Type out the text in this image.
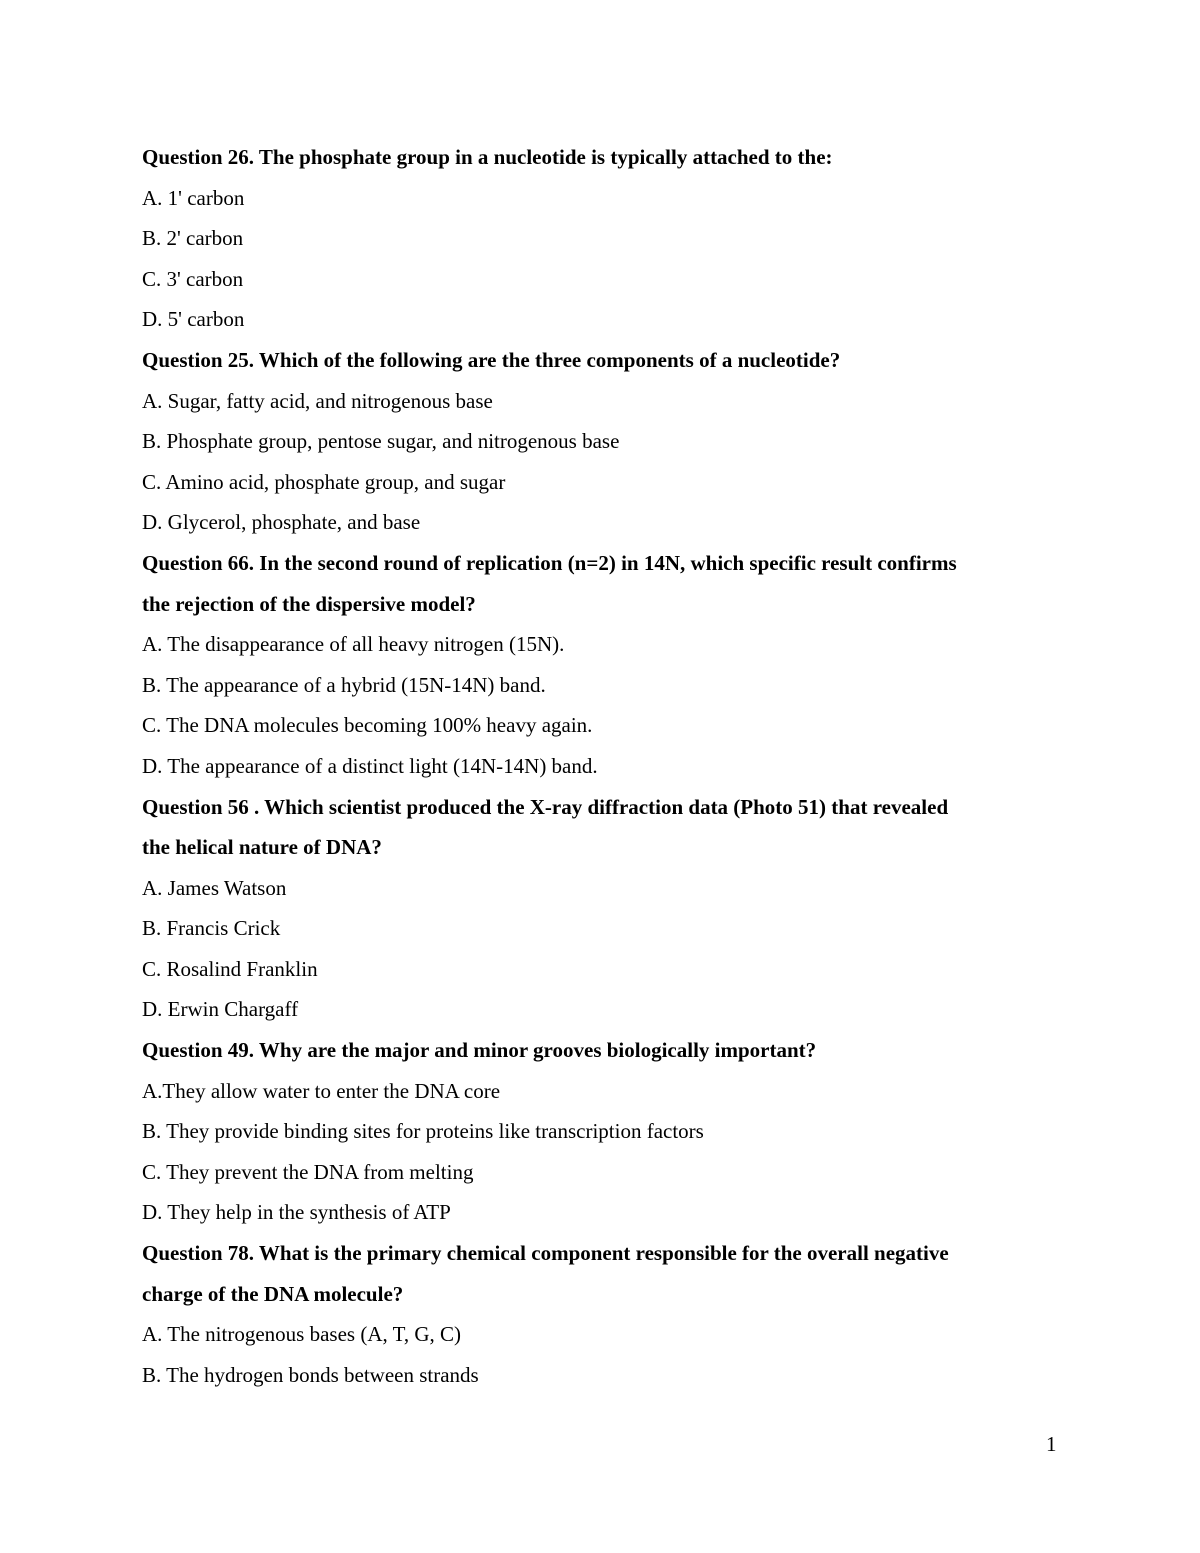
Question 26. The phosphate group in a nucleotide is typically attached to the:

A. 1' carbon

B. 2' carbon

C. 3' carbon

D. 5' carbon

Question 25. Which of the following are the three components of a nucleotide?

A. Sugar, fatty acid, and nitrogenous base

B. Phosphate group, pentose sugar, and nitrogenous base

C. Amino acid, phosphate group, and sugar

D. Glycerol, phosphate, and base

Question 66. In the second round of replication (n=2) in 14N, which specific result confirms

the rejection of the dispersive model?

A. The disappearance of all heavy nitrogen (15N).

B. The appearance of a hybrid (15N-14N) band.

C. The DNA molecules becoming 100% heavy again.

D. The appearance of a distinct light (14N-14N) band.

Question 56 . Which scientist produced the X-ray diffraction data (Photo 51) that revealed

the helical nature of DNA?

A. James Watson

B. Francis Crick

C. Rosalind Franklin

D. Erwin Chargaff

Question 49. Why are the major and minor grooves biologically important?

A.They allow water to enter the DNA core

B. They provide binding sites for proteins like transcription factors

C. They prevent the DNA from melting

D. They help in the synthesis of ATP

Question 78. What is the primary chemical component responsible for the overall negative

charge of the DNA molecule?

A. The nitrogenous bases (A, T, G, C)

B. The hydrogen bonds between strands

1
